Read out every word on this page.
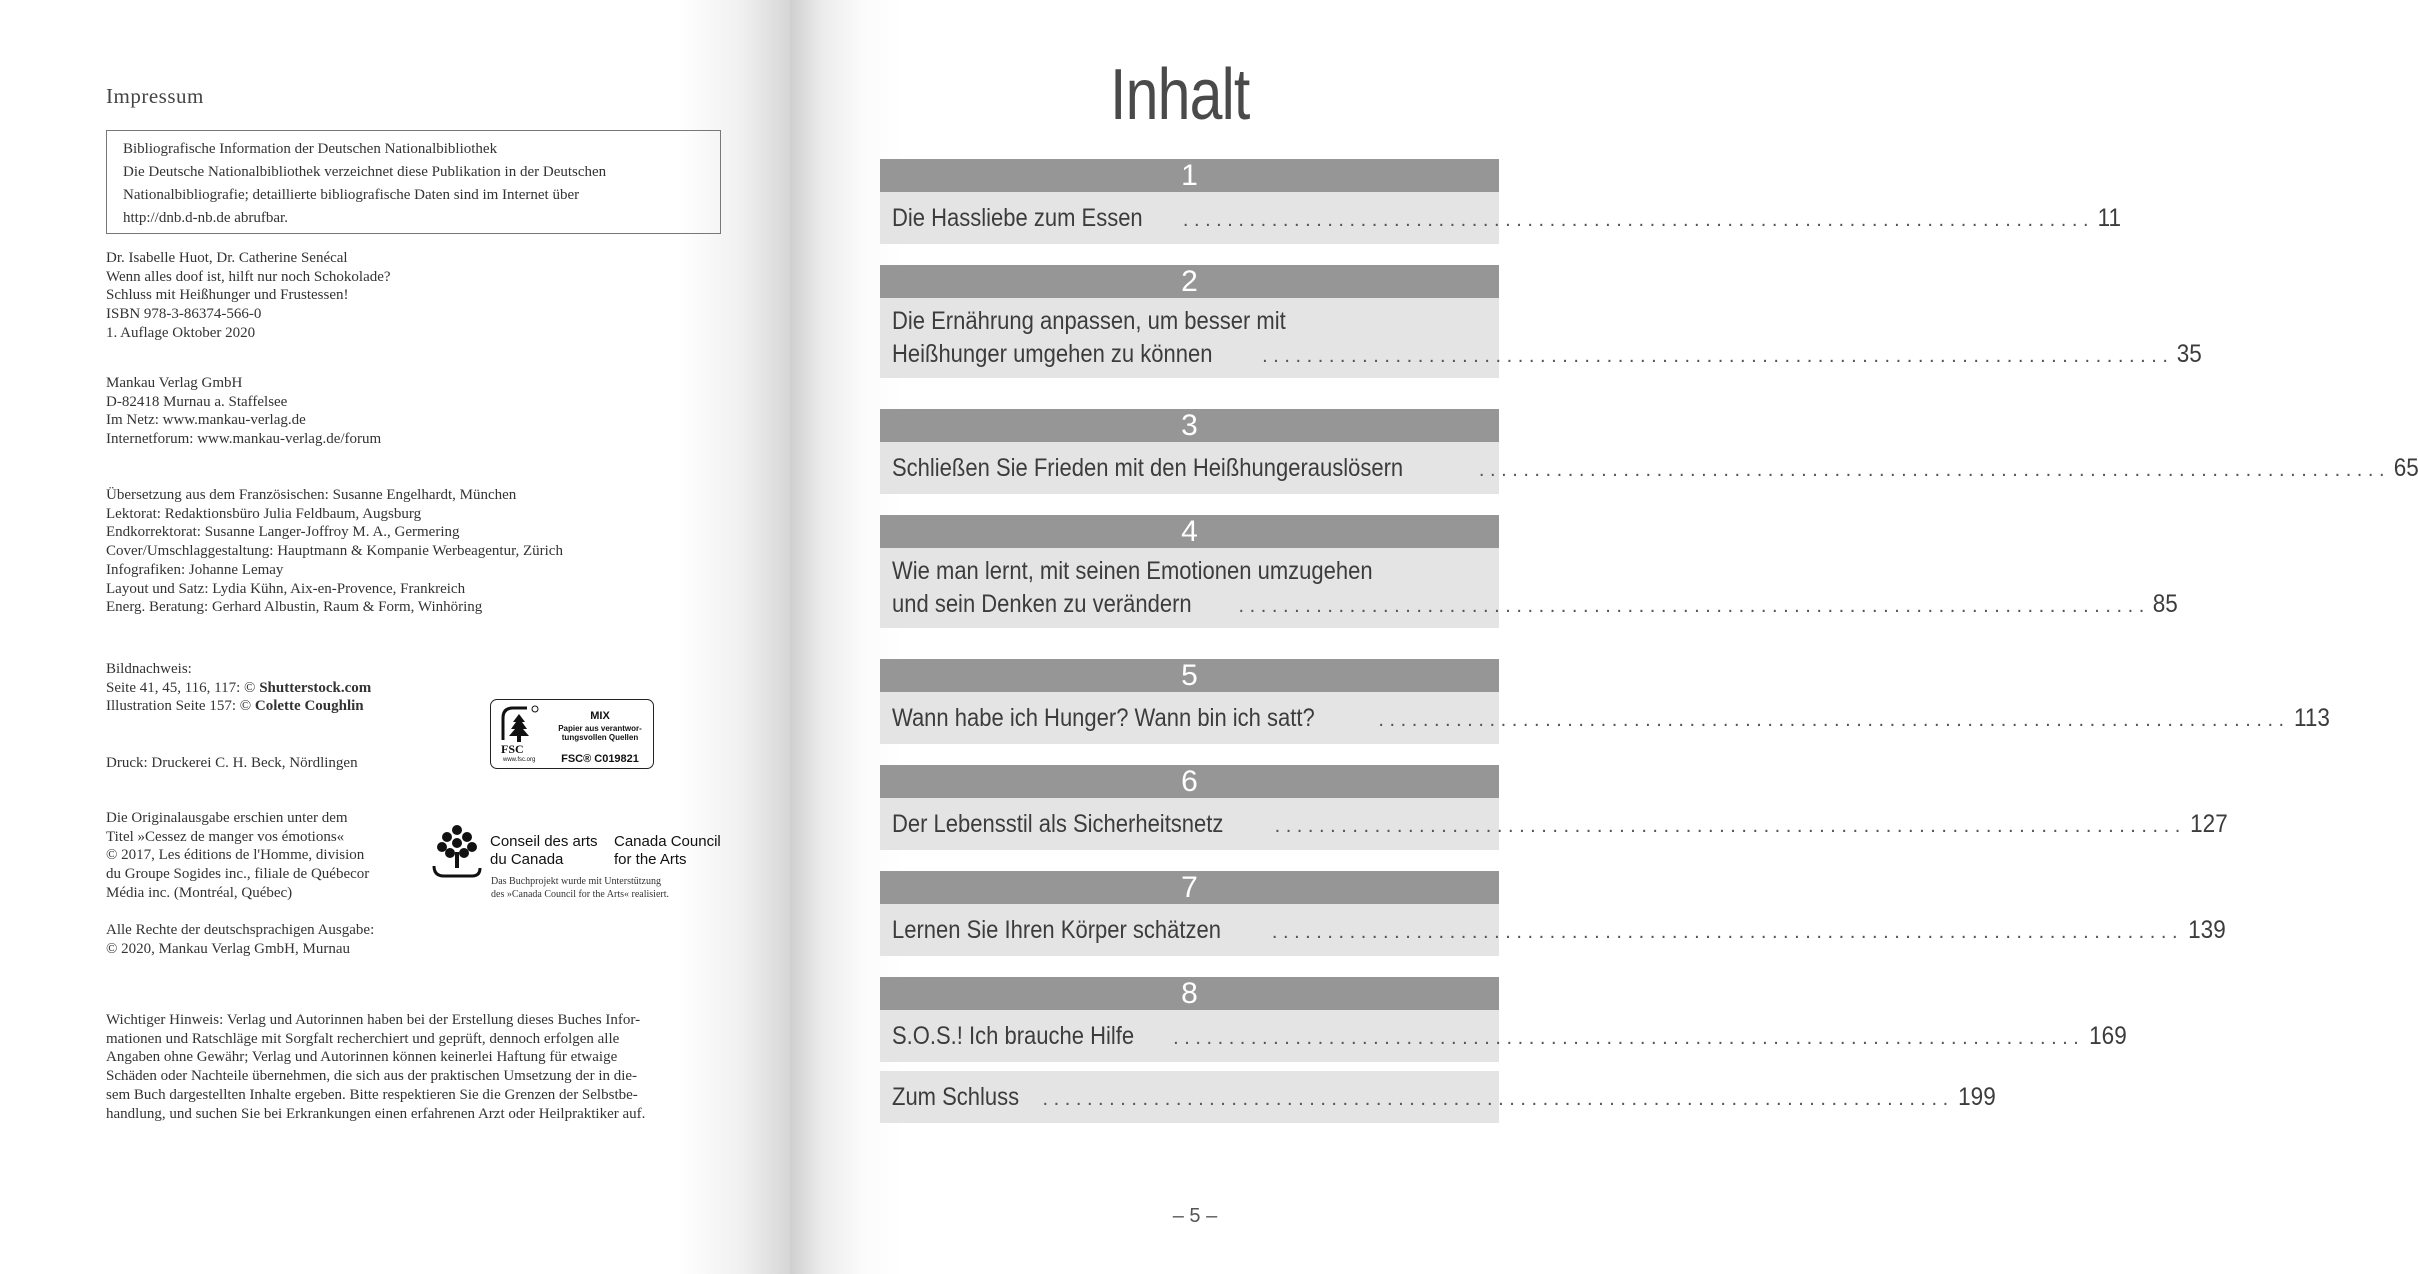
Impressum
Bibliografische Information der Deutschen Nationalbibliothek
Die Deutsche Nationalbibliothek verzeichnet diese Publikation in der Deutschen
Nationalbibliografie; detaillierte bibliografische Daten sind im Internet über
http://dnb.d-nb.de abrufbar.
Dr. Isabelle Huot, Dr. Catherine Senécal
Wenn alles doof ist, hilft nur noch Schokolade?
Schluss mit Heißhunger und Frustessen!
ISBN 978-3-86374-566-0
1. Auflage Oktober 2020
Mankau Verlag GmbH
D-82418 Murnau a. Staffelsee
Im Netz: www.mankau-verlag.de
Internetforum: www.mankau-verlag.de/forum
Übersetzung aus dem Französischen: Susanne Engelhardt, München
Lektorat: Redaktionsbüro Julia Feldbaum, Augsburg
Endkorrektorat: Susanne Langer-Joffroy M. A., Germering
Cover/Umschlaggestaltung: Hauptmann & Kompanie Werbeagentur, Zürich
Infografiken: Johanne Lemay
Layout und Satz: Lydia Kühn, Aix-en-Provence, Frankreich
Energ. Beratung: Gerhard Albustin, Raum & Form, Winhöring
Bildnachweis:
Seite 41, 45, 116, 117: © Shutterstock.com
Illustration Seite 157: © Colette Coughlin
Druck: Druckerei C. H. Beck, Nördlingen
FSC
www.fsc.org
MIX
Papier aus verantwor-
tungsvollen Quellen
FSC® C019821
Die Originalausgabe erschien unter dem
Titel »Cessez de manger vos émotions«
© 2017, Les éditions de l'Homme, division
du Groupe Sogides inc., filiale de Québecor
Média inc. (Montréal, Québec)
Conseil des arts
du Canada
Canada Council
for the Arts
Das Buchprojekt wurde mit Unterstützung
des »Canada Council for the Arts« realisiert.
Alle Rechte der deutschsprachigen Ausgabe:
© 2020, Mankau Verlag GmbH, Murnau
Wichtiger Hinweis: Verlag und Autorinnen haben bei der Erstellung dieses Buches Infor-
mationen und Ratschläge mit Sorgfalt recherchiert und geprüft, dennoch erfolgen alle
Angaben ohne Gewähr; Verlag und Autorinnen können keinerlei Haftung für etwaige
Schäden oder Nachteile übernehmen, die sich aus der praktischen Umsetzung der in die-
sem Buch dargestellten Inhalte ergeben. Bitte respektieren Sie die Grenzen der Selbstbe-
handlung, und suchen Sie bei Erkrankungen einen erfahrenen Arzt oder Heilpraktiker auf.
Inhalt
1
Die Hassliebe zum Essen . . .	11
2
Die Ernährung anpassen, um besser mit
Heißhunger umgehen zu können . . .	35
3
Schließen Sie Frieden mit den Heißhungerauslösern . . .	65
4
Wie man lernt, mit seinen Emotionen umzugehen
und sein Denken zu verändern . . .	85
5
Wann habe ich Hunger? Wann bin ich satt? . . .	113
6
Der Lebensstil als Sicherheitsnetz . . .	127
7
Lernen Sie Ihren Körper schätzen . . .	139
8
S.O.S.! Ich brauche Hilfe . . .	169
Zum Schluss . . .	199
– 5 –
